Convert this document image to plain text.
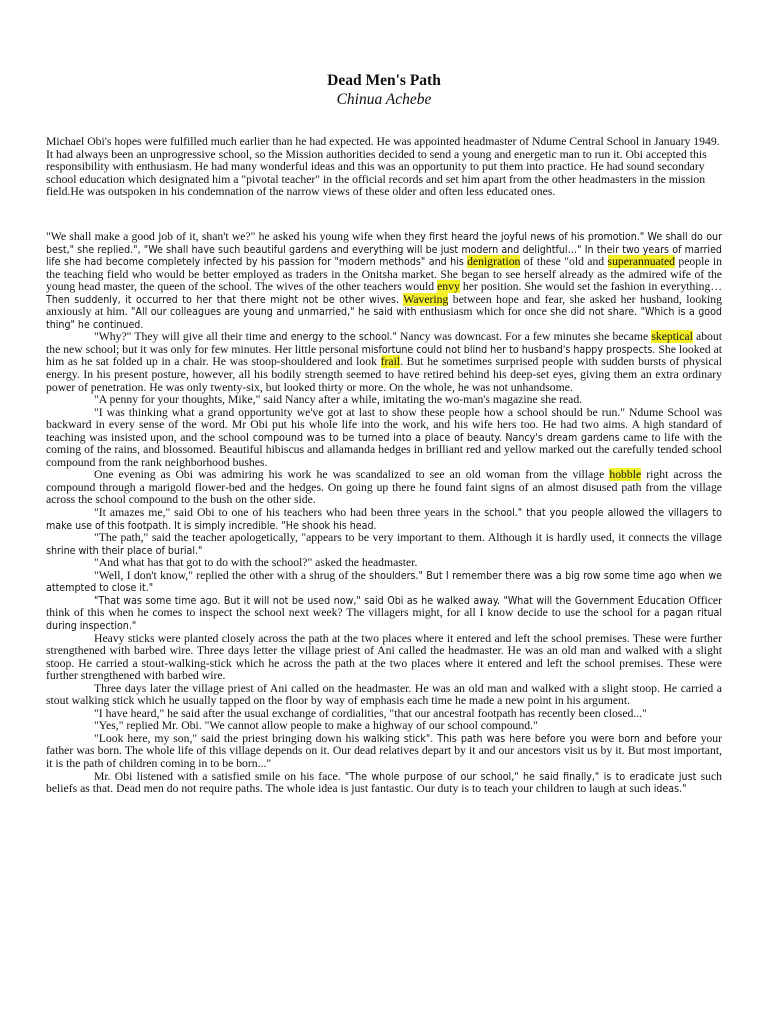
Dead Men's Path
Chinua Achebe

Michael Obi's hopes were fulfilled much earlier than he had expected. He was appointed headmaster of Ndume Central School in January 1949. It had always been an unprogressive school, so the Mission authorities decided to send a young and energetic man to run it. Obi accepted this responsibility with enthusiasm. He had many wonderful ideas and this was an opportunity to put them into practice. He had sound secondary school education which designated him a "pivotal teacher" in the official records and set him apart from the other headmasters in the mission field.He was outspoken in his condemnation of the narrow views of these older and often less educated ones.

"We shall make a good job of it, shan't we?" he asked his young wife when they first heard the joyful news of his promotion." We shall do our best," she replied.", "We shall have such beautiful gardens and everything will be just modern and delightful…" In their two years of married life she had become completely infected by his passion for "modern methods" and his denigration of these "old and superannuated people in the teaching field who would be better employed as traders in the Onitsha market. She began to see herself already as the admired wife of the young head master, the queen of the school. The wives of the other teachers would envy her position. She would set the fashion in everything… Then suddenly, it occurred to her that there might not be other wives. Wavering between hope and fear, she asked her husband, looking anxiously at him. "All our colleagues are young and unmarried," he said with enthusiasm which for once she did not share. "Which is a good thing" he continued.

"Why?" They will give all their time and energy to the school." Nancy was downcast. For a few minutes she became skeptical about the new school; but it was only for few minutes. Her little personal misfortune could not blind her to husband's happy prospects. She looked at him as he sat folded up in a chair. He was stoop-shouldered and look frail. But he sometimes surprised people with sudden bursts of physical energy. In his present posture, however, all his bodily strength seemed to have retired behind his deep-set eyes, giving them an extra ordinary power of penetration. He was only twenty-six, but looked thirty or more. On the whole, he was not unhandsome.

"A penny for your thoughts, Mike," said Nancy after a while, imitating the wo-man's magazine she read.

"I was thinking what a grand opportunity we've got at last to show these people how a school should be run." Ndume School was backward in every sense of the word. Mr Obi put his whole life into the work, and his wife hers too. He had two aims. A high standard of teaching was insisted upon, and the school compound was to be turned into a place of beauty. Nancy's dream gardens came to life with the coming of the rains, and blossomed. Beautiful hibiscus and allamanda hedges in brilliant red and yellow marked out the carefully tended school compound from the rank neighborhood bushes.

One evening as Obi was admiring his work he was scandalized to see an old woman from the village hobble right across the compound through a marigold flower-bed and the hedges. On going up there he found faint signs of an almost disused path from the village across the school compound to the bush on the other side.

"It amazes me," said Obi to one of his teachers who had been three years in the school." that you people allowed the villagers to make use of this footpath. It is simply incredible. "He shook his head.

"The path," said the teacher apologetically, "appears to be very important to them. Although it is hardly used, it connects the village shrine with their place of burial."

"And what has that got to do with the school?" asked the headmaster.

"Well, I don't know," replied the other with a shrug of the shoulders." But I remember there was a big row some time ago when we attempted to close it."

"That was some time ago. But it will not be used now," said Obi as he walked away. "What will the Government Education Officer think of this when he comes to inspect the school next week? The villagers might, for all I know decide to use the school for a pagan ritual during inspection."

Heavy sticks were planted closely across the path at the two places where it entered and left the school premises. These were further strengthened with barbed wire. Three days letter the village priest of Ani called the headmaster. He was an old man and walked with a slight stoop. He carried a stout-walking-stick which he across the path at the two places where it entered and left the school premises. These were further strengthened with barbed wire.

Three days later the village priest of Ani called on the headmaster. He was an old man and walked with a slight stoop. He carried a stout walking stick which he usually tapped on the floor by way of emphasis each time he made a new point in his argument.

"I have heard," he said after the usual exchange of cordialities, "that our ancestral footpath has recently been closed..."

"Yes," replied Mr. Obi. "We cannot allow people to make a highway of our school compound."

"Look here, my son," said the priest bringing down his walking stick". This path was here before you were born and before your father was born. The whole life of this village depends on it. Our dead relatives depart by it and our ancestors visit us by it. But most important, it is the path of children coming in to be born..."

Mr. Obi listened with a satisfied smile on his face. "The whole purpose of our school," he said finally," is to eradicate just such beliefs as that. Dead men do not require paths. The whole idea is just fantastic. Our duty is to teach your children to laugh at such ideas."
